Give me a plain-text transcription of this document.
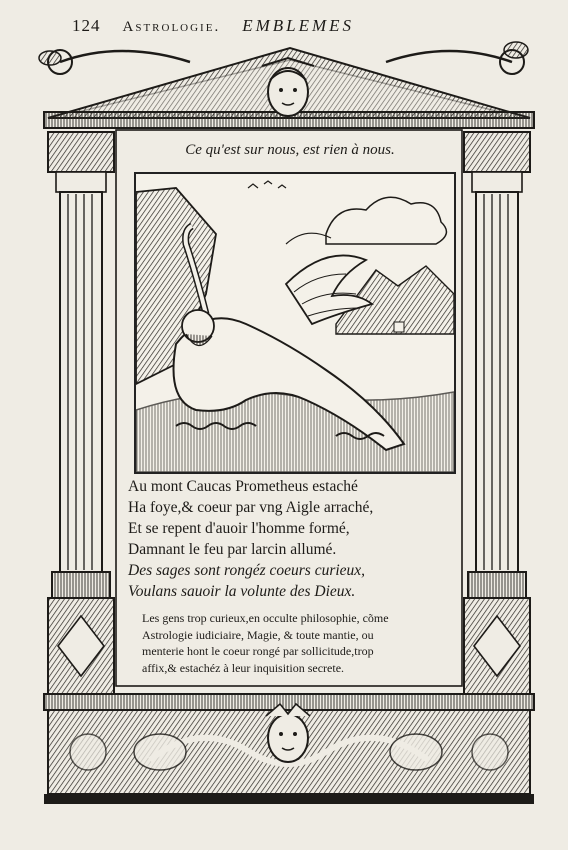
124 Astrologie. EMBLEMES
Ce qu'est sur nous, est rien à nous.
Au mont Caucas Prometheus estaché
Ha foye,& coeur par vng Aigle arraché,
Et se repent d'auoir l'homme formé,
Damnant le feu par larcin allumé.
Des sages sont rongéz coeurs curieux,
Voulans sauoir la volunte des Dieux.
Les gens trop curieux,en occulte philosophie, cõme
Astrologie iudiciaire, Magie, & toute mantie, ou
menterie hont le coeur rongé par sollicitude,trop
affix,& estachéz à leur inquisition secrete.
